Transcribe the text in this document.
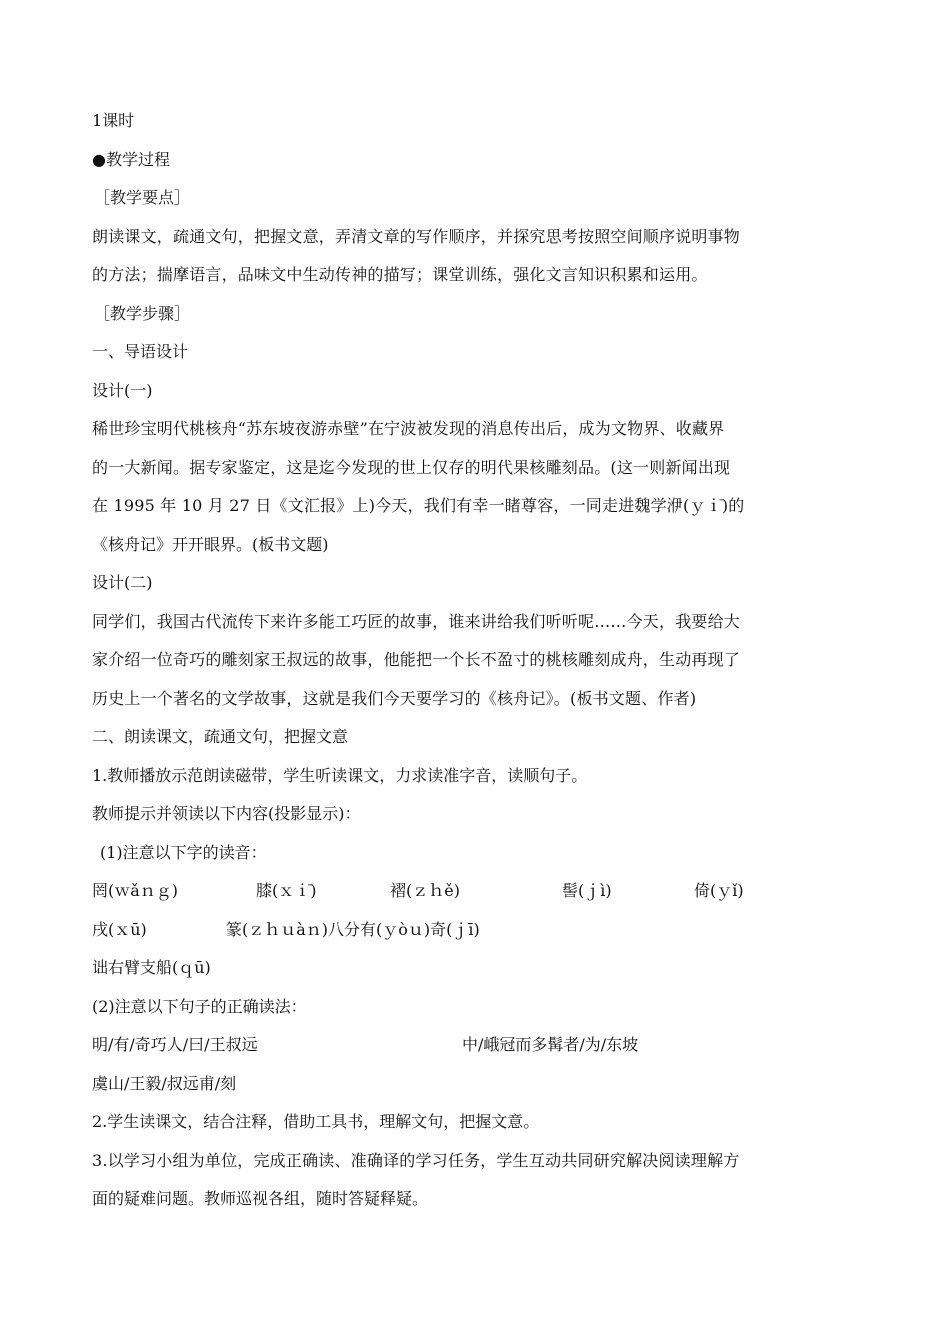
1课时
●教学过程
［教学要点］
朗读课文，疏通文句，把握文意，弄清文章的写作顺序，并探究思考按照空间顺序说明事物
的方法；揣摩语言，品味文中生动传神的描写；课堂训练，强化文言知识积累和运用。
［教学步骤］
一、导语设计
设计(一)
稀世珍宝明代桃核舟“苏东坡夜游赤壁”在宁波被发现的消息传出后，成为文物界、收藏界
的一大新闻。据专家鉴定，这是迄今发现的世上仅存的明代果核雕刻品。(这一则新闻出现
在 1995 年 10 月 27 日《文汇报》上)今天，我们有幸一睹尊容，一同走进魏学洢(ｙｉ̄)的
《核舟记》开开眼界。(板书文题)
设计(二)
同学们，我国古代流传下来许多能工巧匠的故事，谁来讲给我们听听呢……今天，我要给大
家介绍一位奇巧的雕刻家王叔远的故事，他能把一个长不盈寸的桃核雕刻成舟，生动再现了
历史上一个著名的文学故事，这就是我们今天要学习的《核舟记》。(板书文题、作者)
二、朗读课文，疏通文句，把握文意
1.教师播放示范朗读磁带，学生听读课文，力求读准字音，读顺句子。
教师提示并领读以下内容(投影显示)：
(1)注意以下字的读音：
罔(ｗǎｎｇ)	膝(ｘｉ̄)	褶(ｚｈě)	髻(ｊì)	倚(ｙǐ)
戌(ｘū)	篆(ｚｈｕàｎ)八分有(ｙòｕ)奇(ｊī)
诎右臂支船(ｑū)
(2)注意以下句子的正确读法：
明/有/奇巧人/曰/王叔远	中/峨冠而多髯者/为/东坡
虞山/王毅/叔远甫/刻
2.学生读课文，结合注释，借助工具书，理解文句，把握文意。
3.以学习小组为单位，完成正确读、准确译的学习任务，学生互动共同研究解决阅读理解方
面的疑难问题。教师巡视各组，随时答疑释疑。
